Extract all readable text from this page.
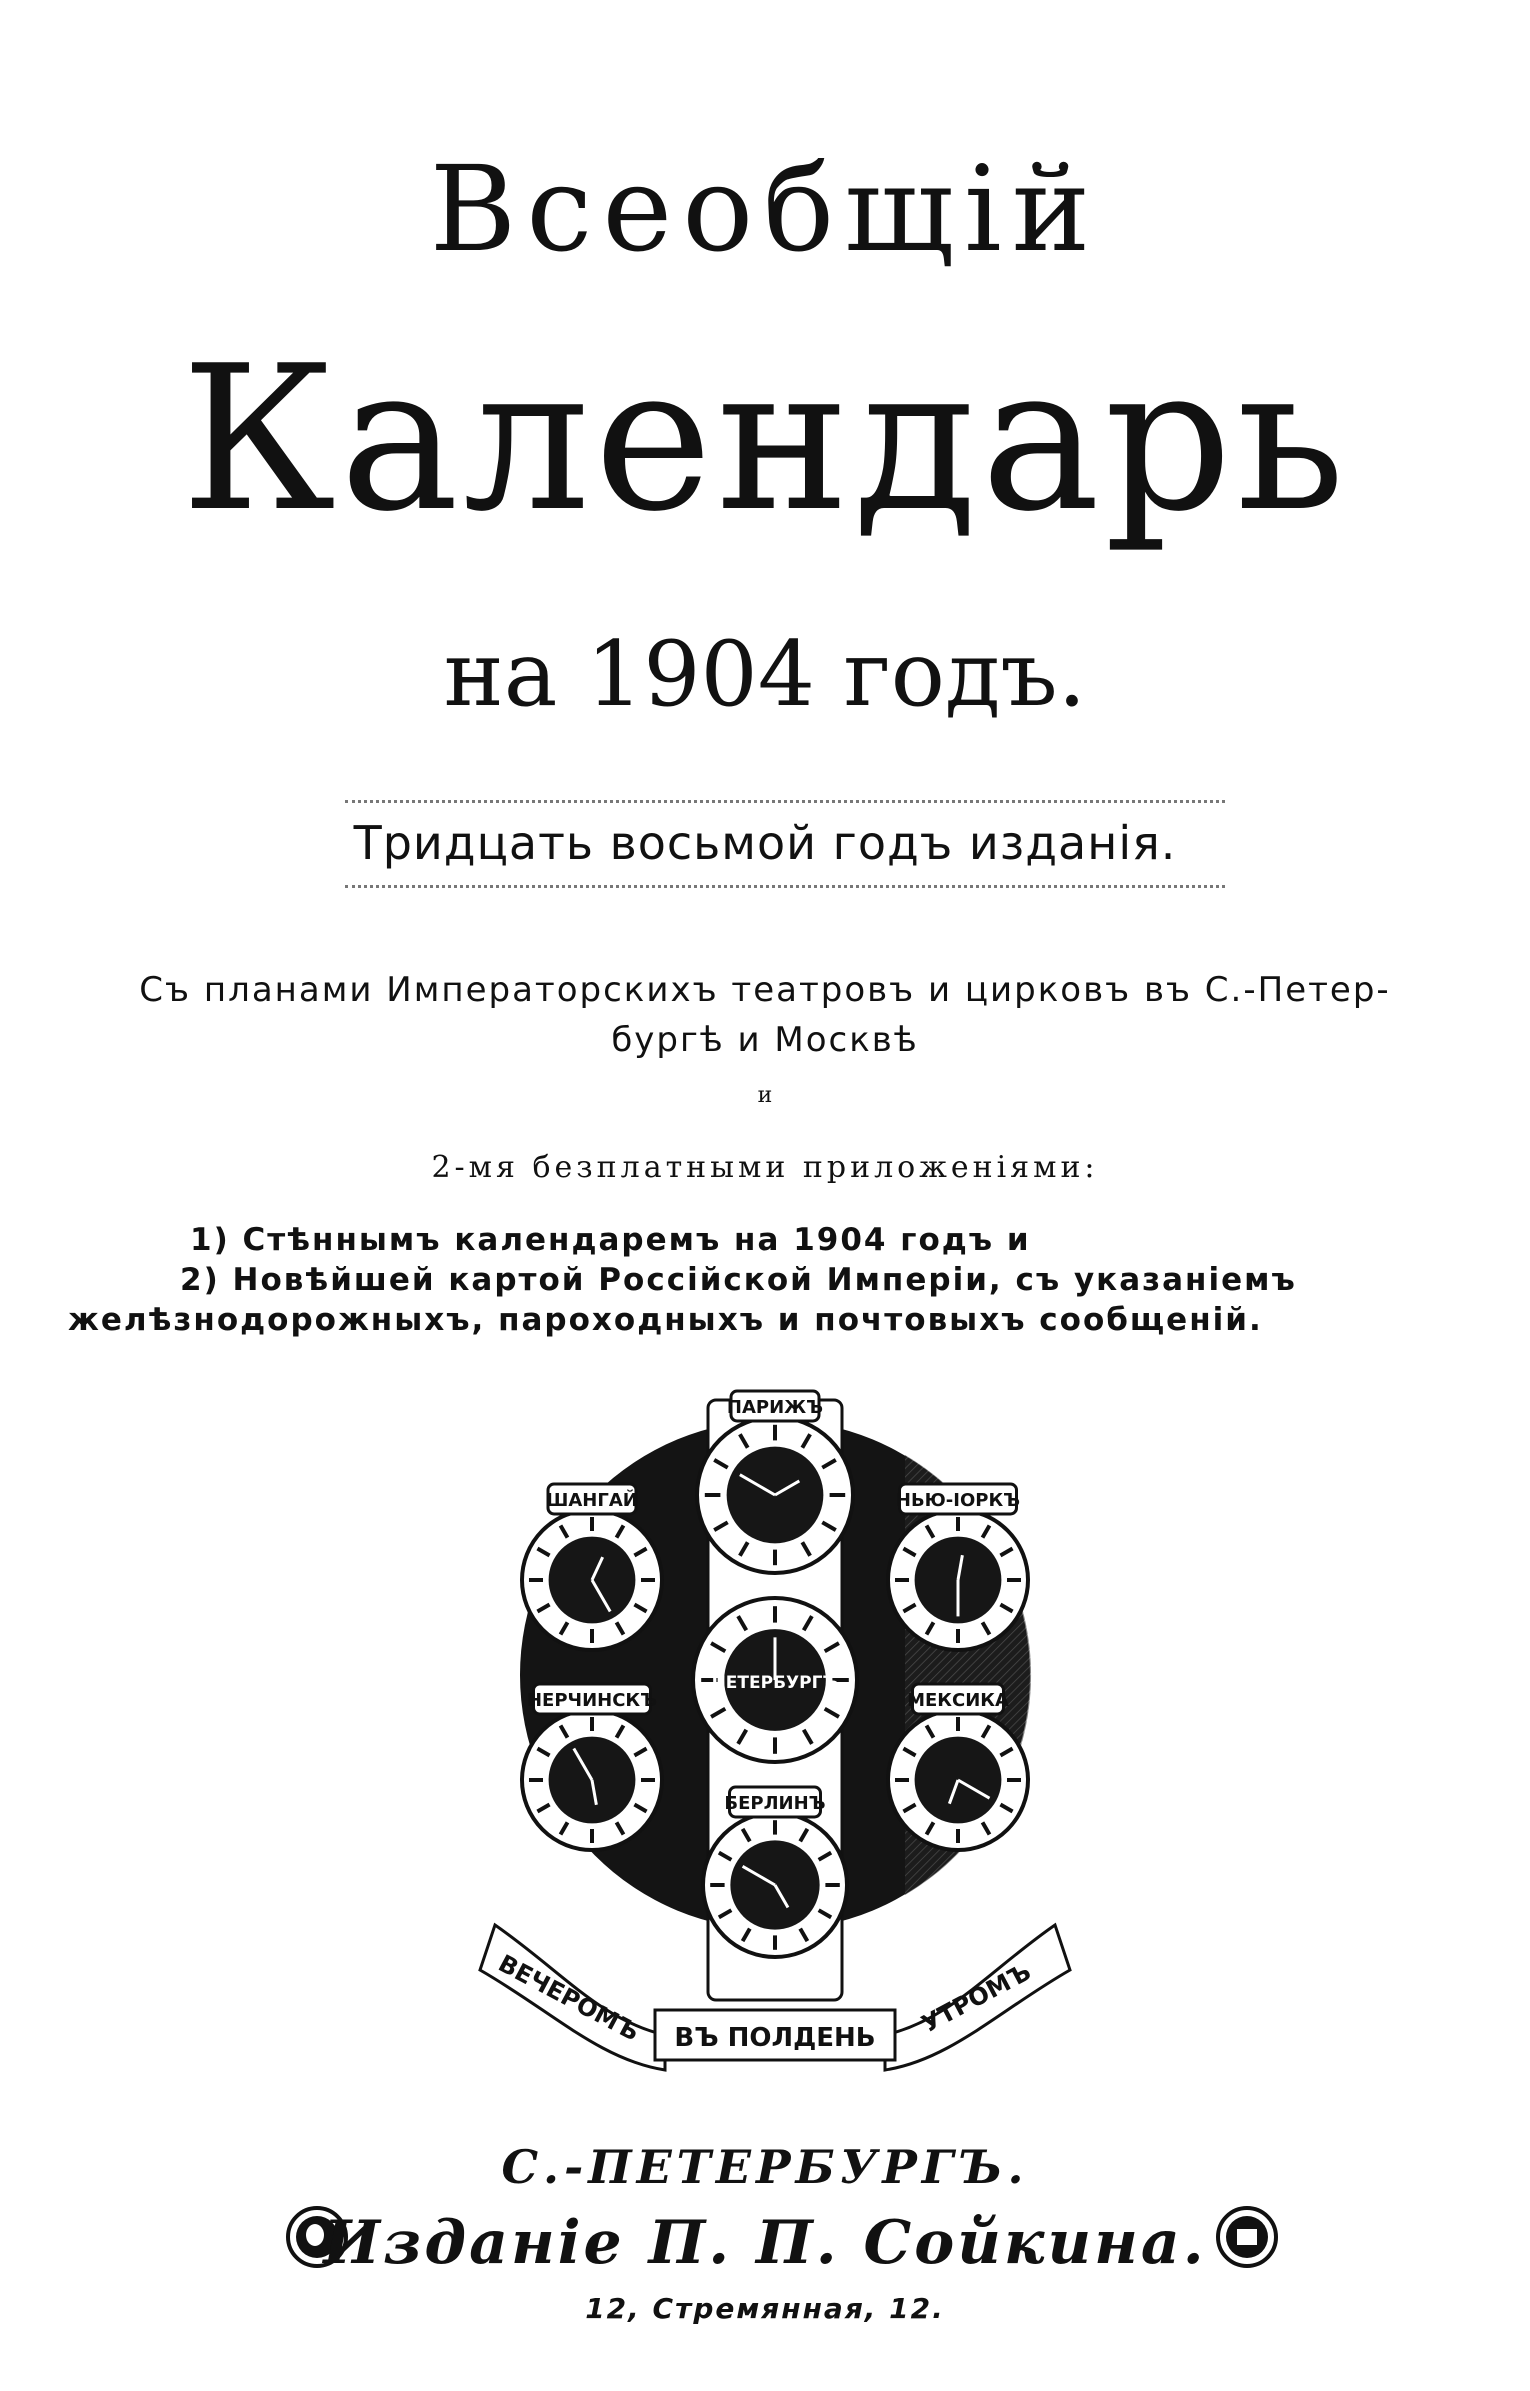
Всеобщій
Календарь
на 1904 годъ.
Тридцать восьмой годъ изданія.
Съ планами Императорскихъ театровъ и цирковъ въ С.-Петер-
бургѣ и Москвѣ
и
2-мя безплатными приложеніями:
1) Стѣннымъ календаремъ на 1904 годъ и
2) Новѣйшей картой Россійской Имперіи, съ указаніемъ
желѣзнодорожныхъ, пароходныхъ и почтовыхъ сообщеній.
ПАРИЖЪ
ШАНГАЙ	НЬЮ-ІОРКЪ
ПЕТЕРБУРГЪ
НЕРЧИНСКЪ	МЕКСИКА
БЕРЛИНЪ
ВЕЧЕРОМЪ ВЪ ПОЛДЕНЬ УТРОМЪ
С.-ПЕТЕРБУРГЪ.
Изданіе П. П. Сойкина.
12, Стремянная, 12.
